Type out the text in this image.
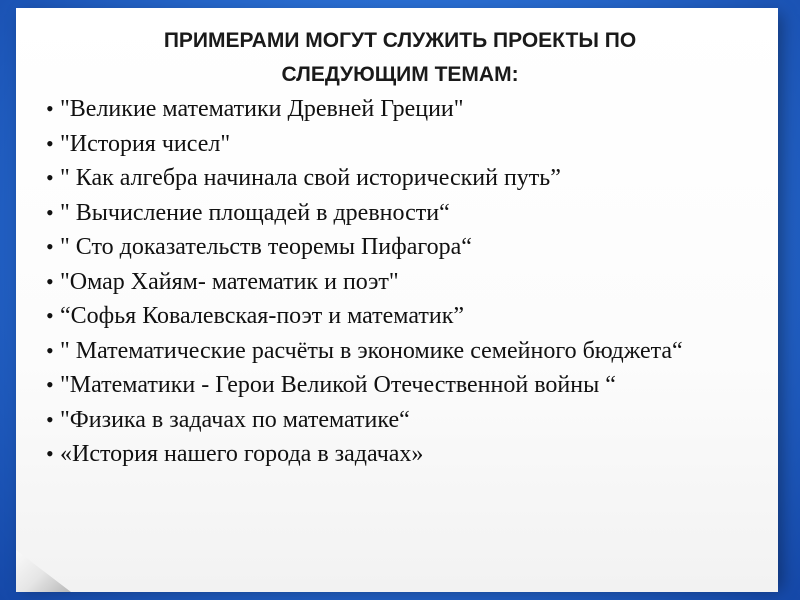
ПРИМЕРАМИ МОГУТ СЛУЖИТЬ ПРОЕКТЫ ПО
СЛЕДУЮЩИМ ТЕМАМ:
• "Великие математики Древней Греции"
• "История чисел"
• " Как алгебра начинала свой исторический путь”
• " Вычисление площадей в древности“
• " Сто доказательств теоремы Пифагора“
• "Омар Хайям- математик и поэт"
• “Софья Ковалевская-поэт и математик”
• " Математические расчёты в экономике семейного бюджета“
• "Математики - Герои Великой Отечественной войны “
• "Физика в задачах по математике“
• «История нашего города в задачах»
